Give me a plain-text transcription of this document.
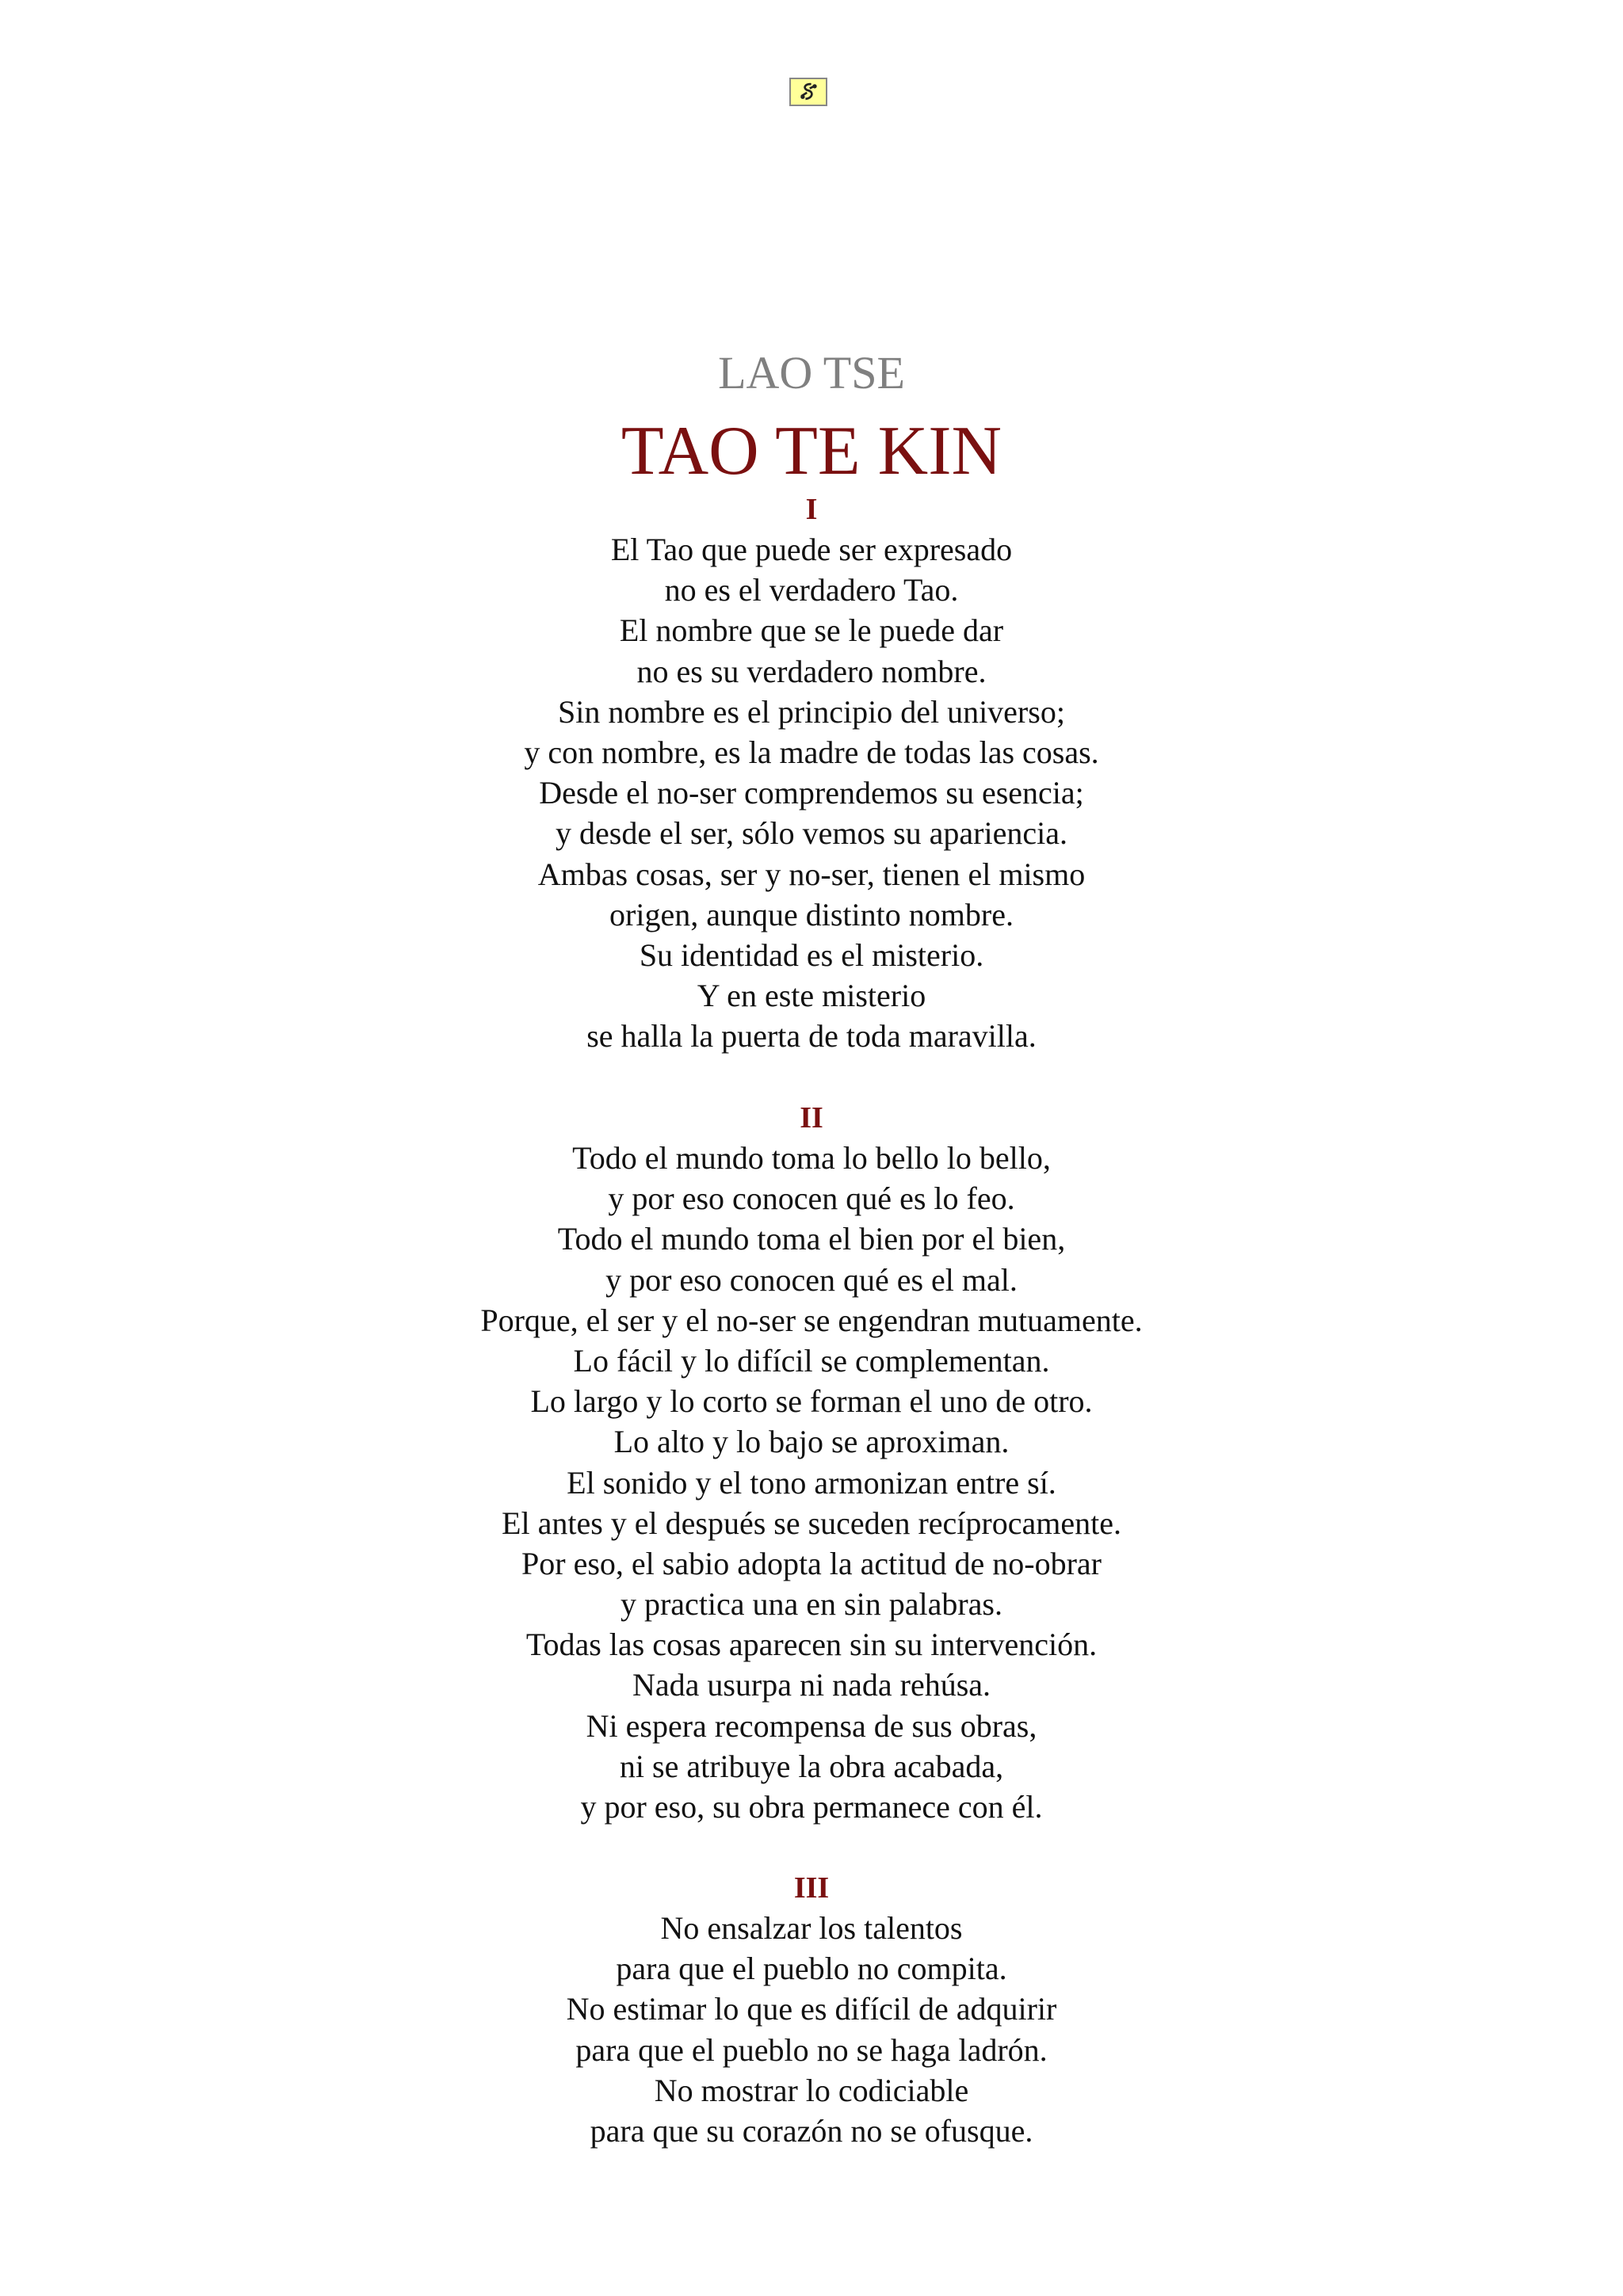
LAO TSE
TAO TE KIN
I
El Tao que puede ser expresado
no es el verdadero Tao.
El nombre que se le puede dar
no es su verdadero nombre.
Sin nombre es el principio del universo;
y con nombre, es la madre de todas las cosas.
Desde el no-ser comprendemos su esencia;
y desde el ser, sólo vemos su apariencia.
Ambas cosas, ser y no-ser, tienen el mismo
origen, aunque distinto nombre.
Su identidad es el misterio.
Y en este misterio
se halla la puerta de toda maravilla.
II
Todo el mundo toma lo bello lo bello,
y por eso conocen qué es lo feo.
Todo el mundo toma el bien por el bien,
y por eso conocen qué es el mal.
Porque, el ser y el no-ser se engendran mutuamente.
Lo fácil y lo difícil se complementan.
Lo largo y lo corto se forman el uno de otro.
Lo alto y lo bajo se aproximan.
El sonido y el tono armonizan entre sí.
El antes y el después se suceden recíprocamente.
Por eso, el sabio adopta la actitud de no-obrar
y practica una en sin palabras.
Todas las cosas aparecen sin su intervención.
Nada usurpa ni nada rehúsa.
Ni espera recompensa de sus obras,
ni se atribuye la obra acabada,
y por eso, su obra permanece con él.
III
No ensalzar los talentos
para que el pueblo no compita.
No estimar lo que es difícil de adquirir
para que el pueblo no se haga ladrón.
No mostrar lo codiciable
para que su corazón no se ofusque.
